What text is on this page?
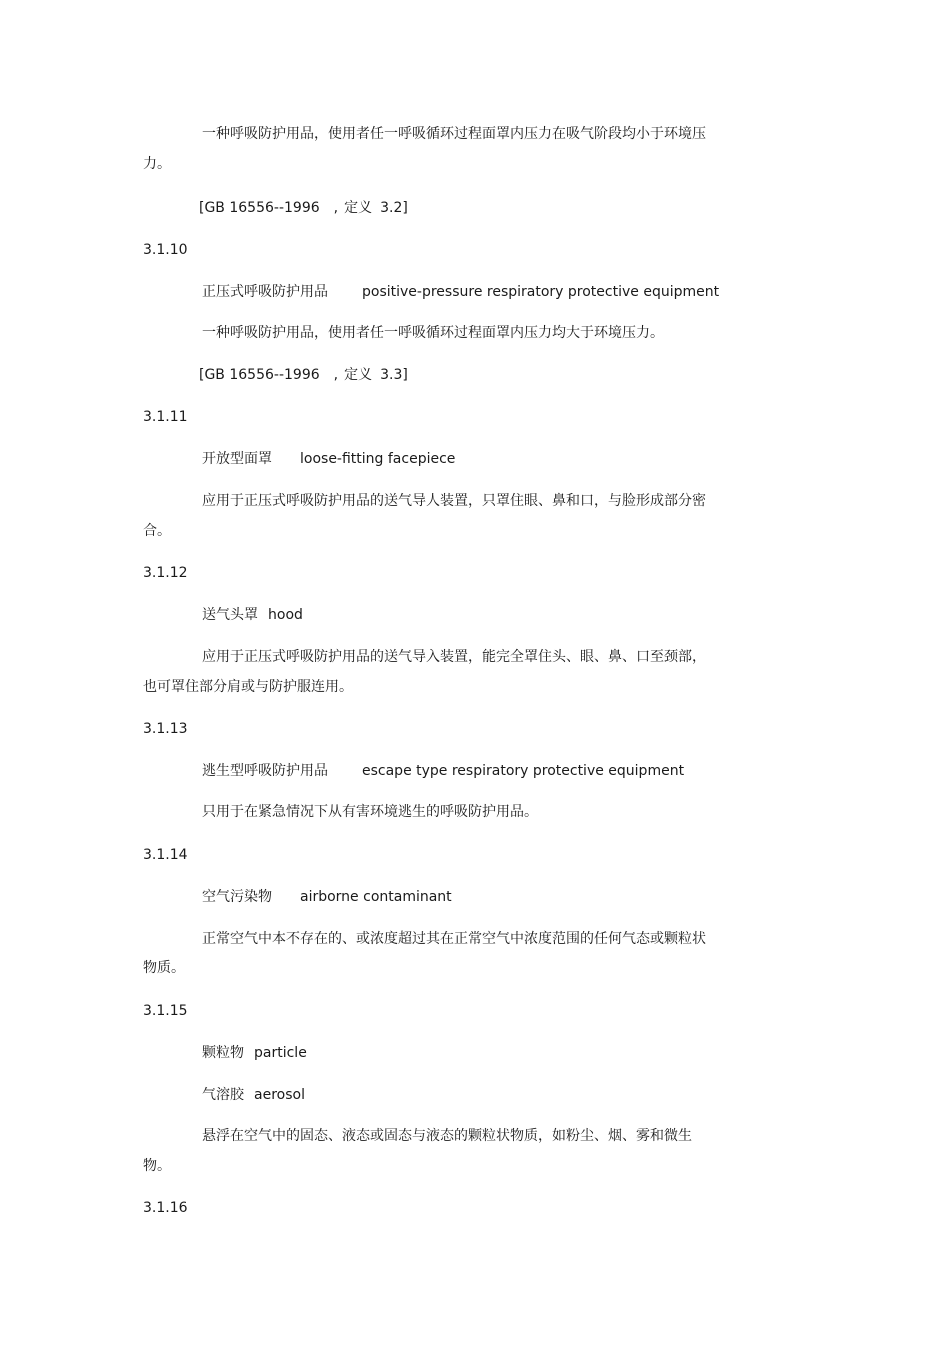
一种呼吸防护用品，使用者任一呼吸循环过程面罩内压力在吸气阶段均小于环境压
力。
[GB 16556--1996 , 定义 3.2]
3.1.10
正压式呼吸防护用品 positive-pressure respiratory protective equipment
一种呼吸防护用品，使用者任一呼吸循环过程面罩内压力均大于环境压力。
[GB 16556--1996 , 定义 3.3]
3.1.11
开放型面罩 loose-fitting facepiece
应用于正压式呼吸防护用品的送气导人装置，只罩住眼、鼻和口，与脸形成部分密
合。
3.1.12
送气头罩 hood
应用于正压式呼吸防护用品的送气导入装置，能完全罩住头、眼、鼻、口至颈部，
也可罩住部分肩或与防护服连用。
3.1.13
逃生型呼吸防护用品 escape type respiratory protective equipment
只用于在紧急情况下从有害环境逃生的呼吸防护用品。
3.1.14
空气污染物 airborne contaminant
正常空气中本不存在的、或浓度超过其在正常空气中浓度范围的任何气态或颗粒状
物质。
3.1.15
颗粒物 particle
气溶胶 aerosol
悬浮在空气中的固态、液态或固态与液态的颗粒状物质，如粉尘、烟、雾和微生
物。
3.1.16
